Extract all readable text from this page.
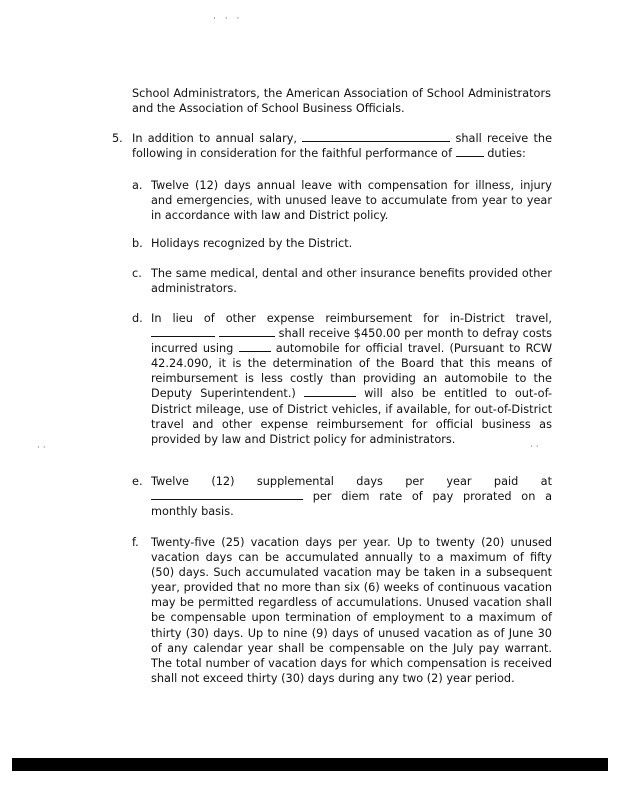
· · ·
· ·	· ·
School Administrators, the American Association of School Administrators and the Association of School Business Officials.
5. In addition to annual salary,	shall receive the following in consideration for the faithful performance of	duties:
a. Twelve (12) days annual leave with compensation for illness, injury and emergencies, with unused leave to accumulate from year to year in accordance with law and District policy.
b. Holidays recognized by the District.
c. The same medical, dental and other insurance benefits provided other administrators.
d. In lieu of other expense reimbursement for in-District travel,   shall receive $450.00 per month to defray costs incurred using	automobile for official travel. (Pursuant to RCW 42.24.090, it is the determination of the Board that this means of reimbursement is less costly than providing an automobile to the Deputy Superintendent.)	will also be entitled to out-of-District mileage, use of District vehicles, if available, for out-of-District travel and other expense reimbursement for official business as provided by law and District policy for administrators.
e. Twelve (12) supplemental days per year paid at  per diem rate of pay prorated on a monthly basis.
f. Twenty-five (25) vacation days per year. Up to twenty (20) unused vacation days can be accumulated annually to a maximum of fifty (50) days. Such accumulated vacation may be taken in a subsequent year, provided that no more than six (6) weeks of continuous vacation may be permitted regardless of accumulations. Unused vacation shall be compensable upon termination of employment to a maximum of thirty (30) days. Up to nine (9) days of unused vacation as of June 30 of any calendar year shall be compensable on the July pay warrant. The total number of vacation days for which compensation is received shall not exceed thirty (30) days during any two (2) year period.
